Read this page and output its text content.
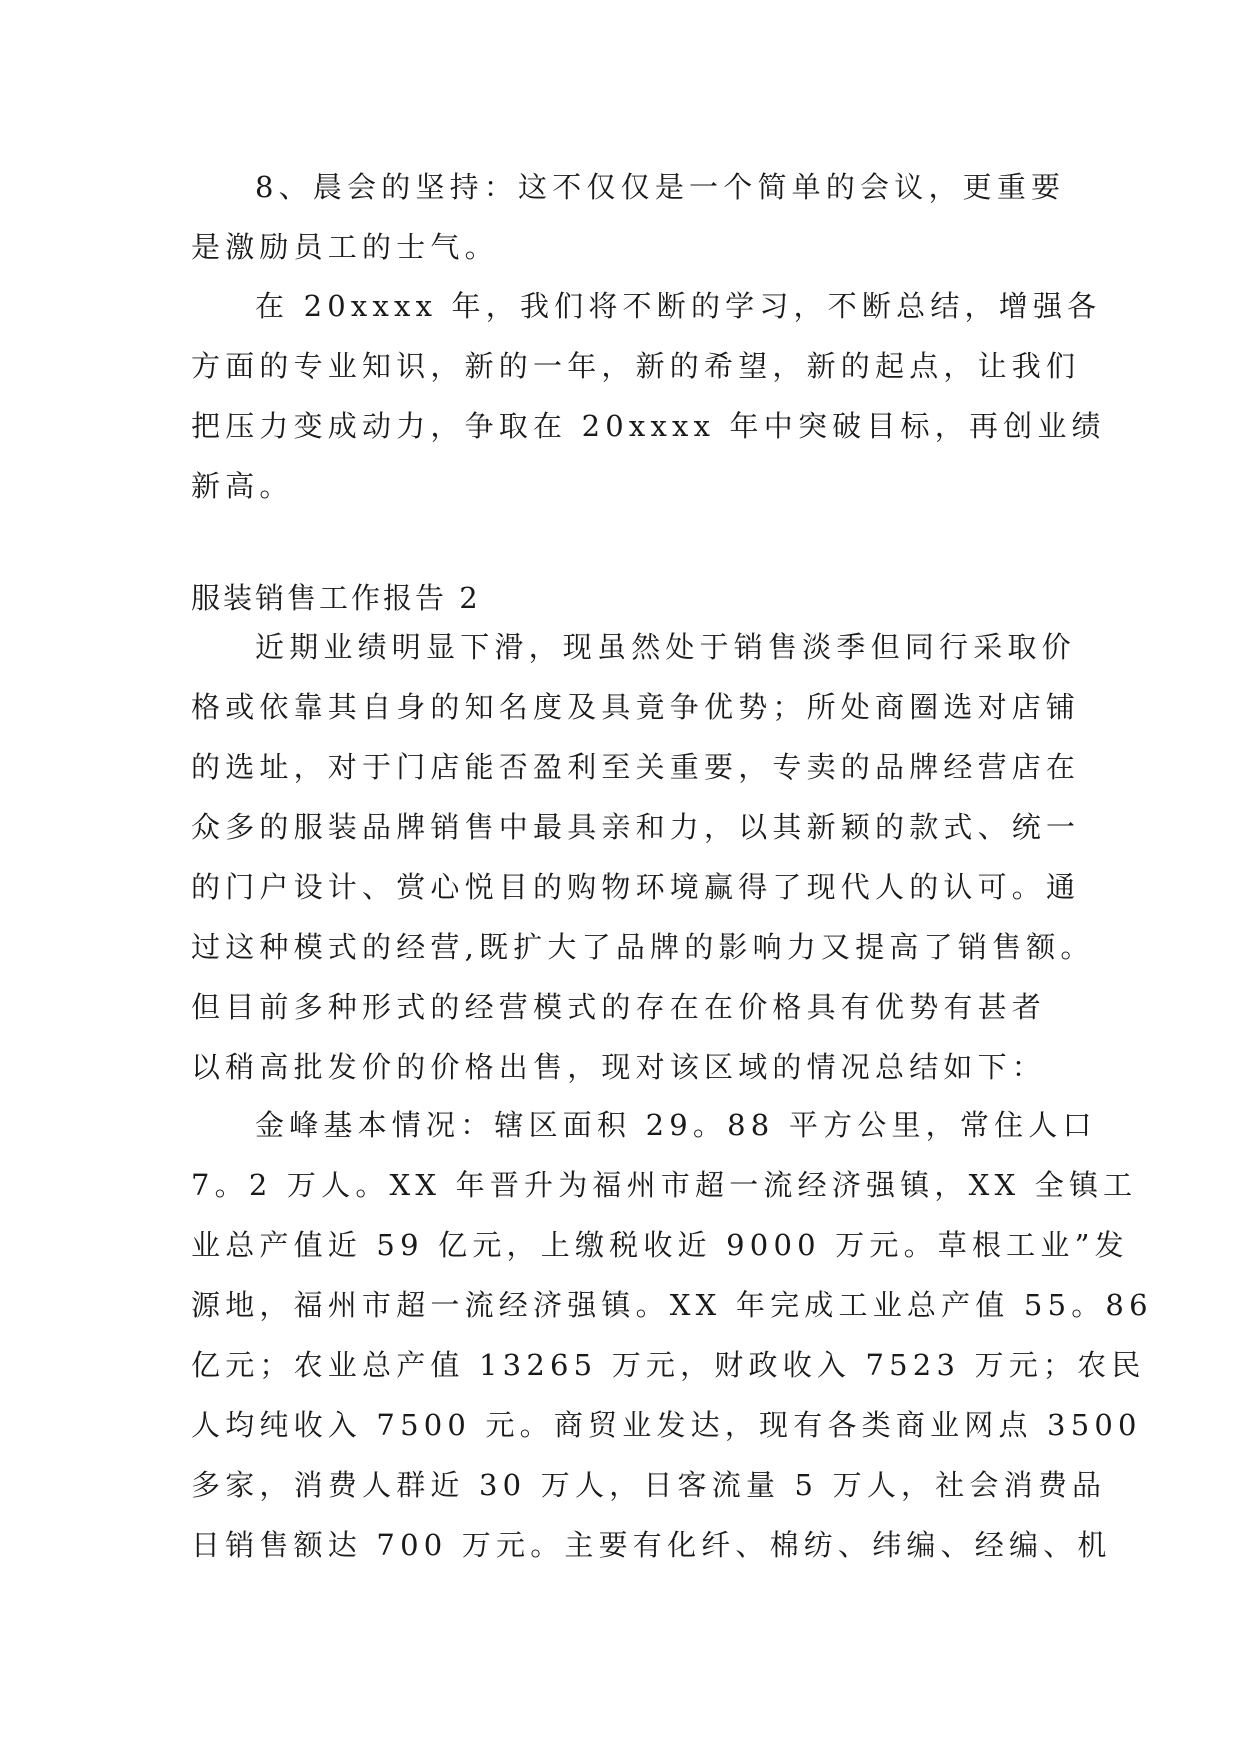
8、晨会的坚持：这不仅仅是一个简单的会议，更重要
是激励员工的士气。
在 20xxxx 年，我们将不断的学习，不断总结，增强各
方面的专业知识，新的一年，新的希望，新的起点，让我们
把压力变成动力，争取在 20xxxx 年中突破目标，再创业绩
新高。
服装销售工作报告 2
近期业绩明显下滑，现虽然处于销售淡季但同行采取价
格或依靠其自身的知名度及具竟争优势；所处商圈选对店铺
的选址，对于门店能否盈利至关重要，专卖的品牌经营店在
众多的服装品牌销售中最具亲和力，以其新颖的款式、统一
的门户设计、赏心悦目的购物环境赢得了现代人的认可。通
过这种模式的经营,既扩大了品牌的影响力又提高了销售额。
但目前多种形式的经营模式的存在在价格具有优势有甚者
以稍高批发价的价格出售，现对该区域的情况总结如下：
金峰基本情况：辖区面积 29。88 平方公里，常住人口
7。2 万人。XX 年晋升为福州市超一流经济强镇，XX 全镇工
业总产值近 59 亿元，上缴税收近 9000 万元。草根工业”发
源地，福州市超一流经济强镇。XX 年完成工业总产值 55。86
亿元；农业总产值 13265 万元，财政收入 7523 万元；农民
人均纯收入 7500 元。商贸业发达，现有各类商业网点 3500
多家，消费人群近 30 万人，日客流量 5 万人，社会消费品
日销售额达 700 万元。主要有化纤、棉纺、纬编、经编、机
